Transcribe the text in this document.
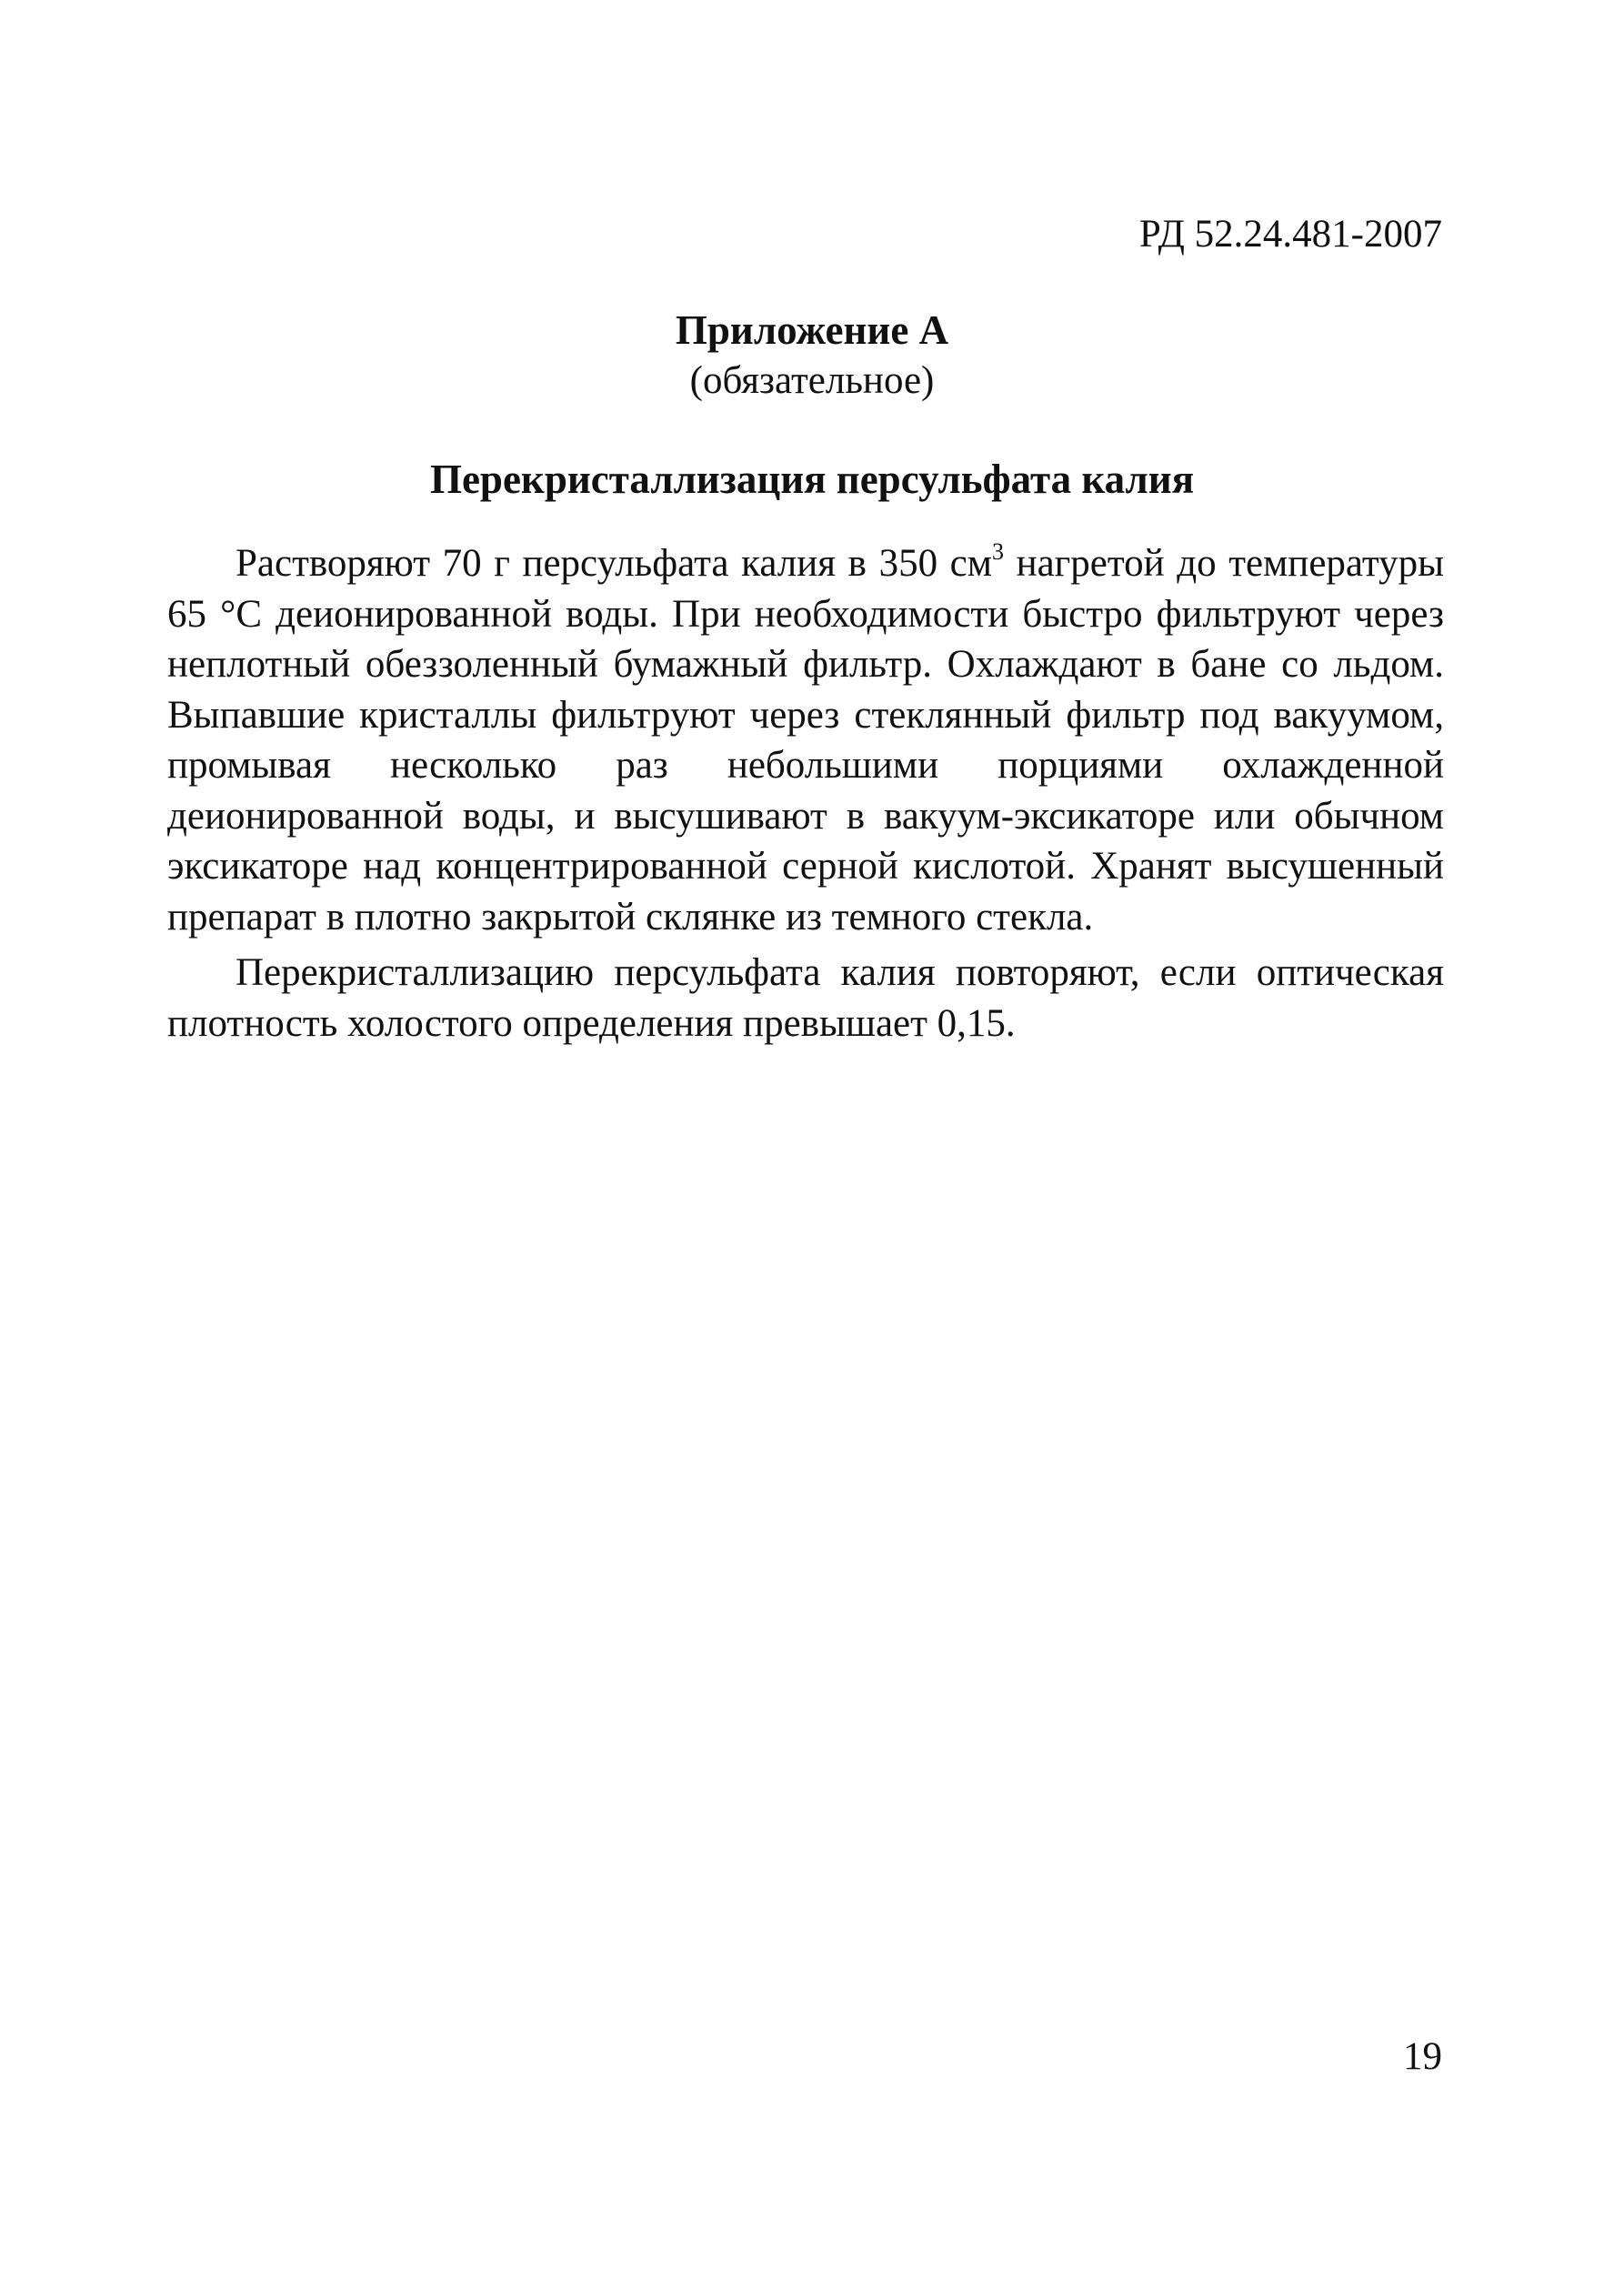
РД 52.24.481-2007
Приложение А
(обязательное)
Перекристаллизация персульфата калия

Растворяют 70 г персульфата калия в 350 $см^3$ нагретой до температуры 65 °С деионированной воды. При необходимости быстро фильтруют через неплотный обеззоленный бумажный фильтр. Охлаждают в бане со льдом. Выпавшие кристаллы фильтруют через стеклянный фильтр под вакуумом, промывая несколько раз небольшими порциями охлажденной деионированной воды, и высушивают в вакуум-эксикаторе или обычном эксикаторе над концентрированной серной кислотой. Хранят высушенный препарат в плотно закрытой склянке из темного стекла.

Перекристаллизацию персульфата калия повторяют, если оптическая плотность холостого определения превышает 0,15.

19
